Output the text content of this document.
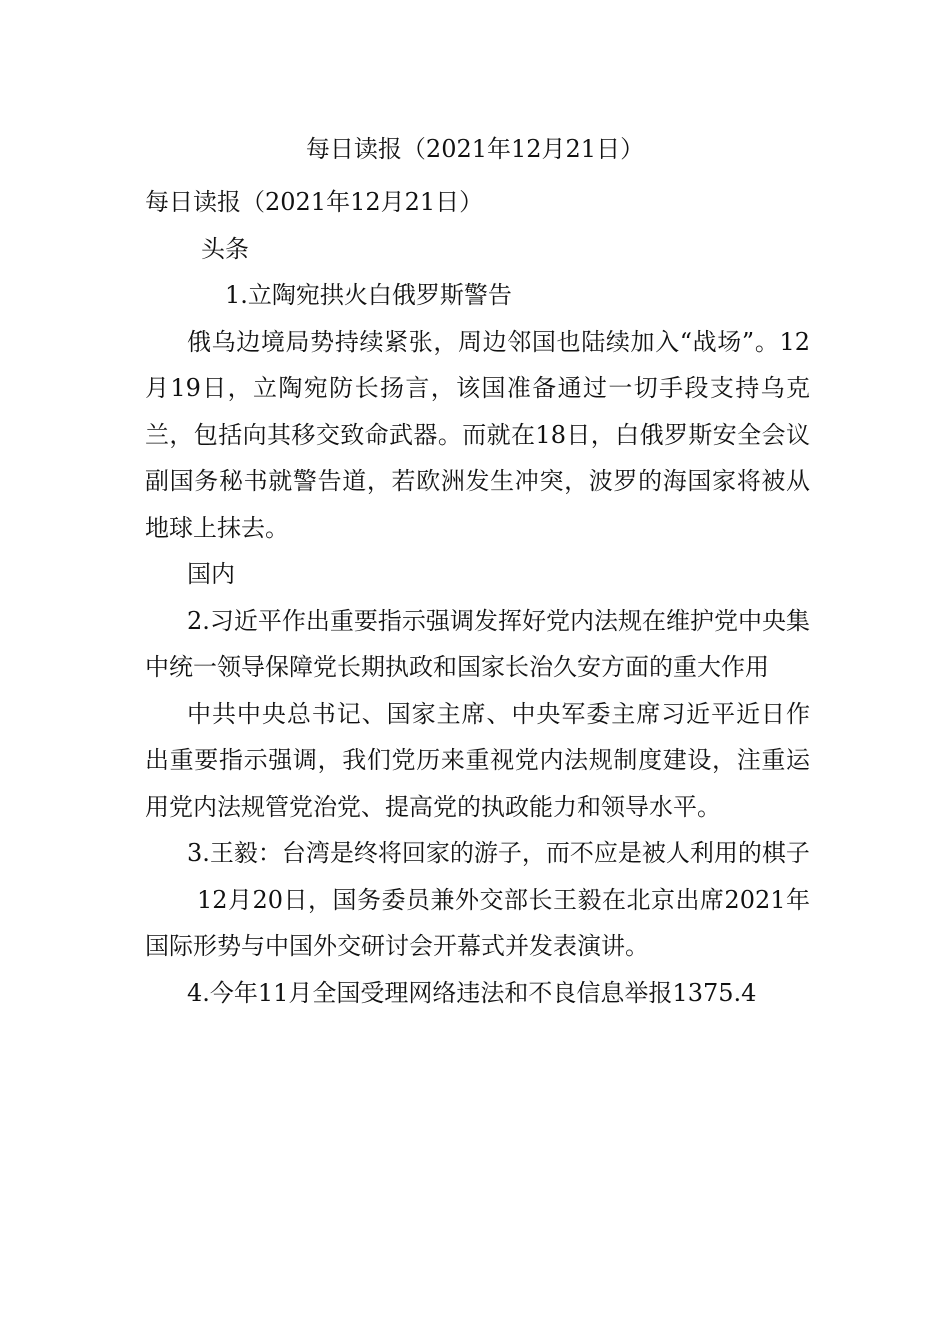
每日读报（2021年12月21日）

每日读报（2021年12月21日）

头条

1.立陶宛拱火白俄罗斯警告

俄乌边境局势持续紧张，周边邻国也陆续加入“战场”。12月19日，立陶宛防长扬言，该国准备通过一切手段支持乌克兰，包括向其移交致命武器。而就在18日，白俄罗斯安全会议副国务秘书就警告道，若欧洲发生冲突，波罗的海国家将被从地球上抹去。

国内

2.习近平作出重要指示强调发挥好党内法规在维护党中央集中统一领导保障党长期执政和国家长治久安方面的重大作用

中共中央总书记、国家主席、中央军委主席习近平近日作出重要指示强调，我们党历来重视党内法规制度建设，注重运用党内法规管党治党、提高党的执政能力和领导水平。

3.王毅：台湾是终将回家的游子，而不应是被人利用的棋子

12月20日，国务委员兼外交部长王毅在北京出席2021年国际形势与中国外交研讨会开幕式并发表演讲。

4.今年11月全国受理网络违法和不良信息举报1375.4
